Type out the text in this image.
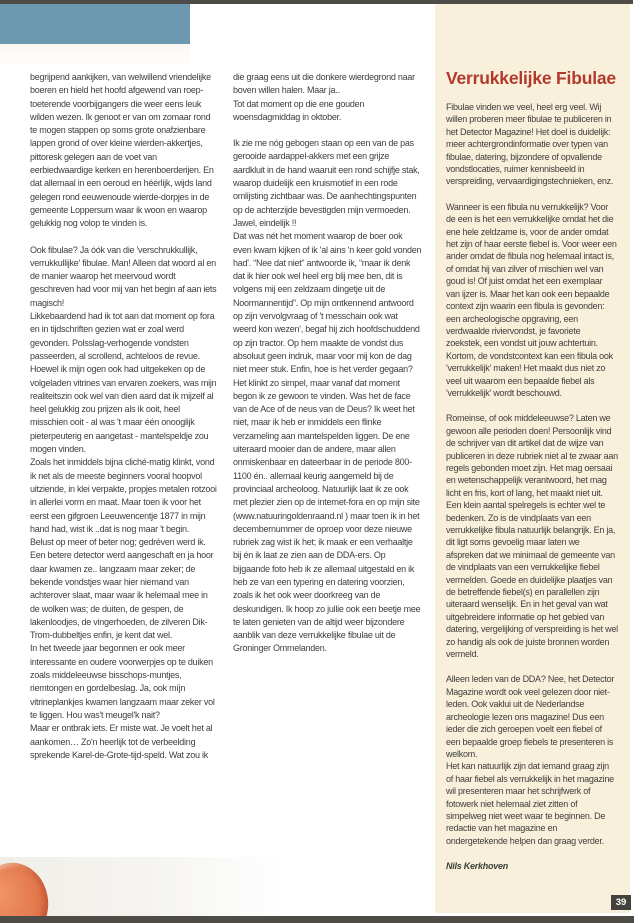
begrijpend aankijken, van welwillend vriendelijke boeren en hield het hoofd afgewend van roep-toeterende voorbijgangers die weer eens leuk wilden wezen. Ik genoot er van om zomaar rond te mogen stappen op soms grote onafzienbare lappen grond of over kleine wierden-akkertjes, pittoresk gelegen aan de voet van eerbiedwaardige kerken en herenboerderijen. En dat allemaal in een oeroud en héérlijk, wijds land gelegen rond eeuwenoude wierde-dorpjes in de gemeente Loppersum waar ik woon en waarop gelukkig nog volop te vinden is.

Ook fibulae? Ja óók van die 'verschrukkullijk, verrukkullijke' fibulae. Man! Alleen dat woord al en de manier waarop het meervoud wordt geschreven had voor mij van het begin af aan iets magisch!

Likkebaardend had ik tot aan dat moment op fora en in tijdschriften gezien wat er zoal werd gevonden. Polsslag-verhogende vondsten passeerden, al scrollend, achteloos de revue.

Hoewel ik mijn ogen ook had uitgekeken op de volgeladen vitrines van ervaren zoekers, was mijn realiteitszin ook wel van dien aard dat ik mijzelf al heel gelukkig zou prijzen als ik ooit, heel misschien ooit - al was 't maar één onooglijk pieterpeuterig en aangetast - mantelspeldje zou mogen vinden.

Zoals het inmiddels bijna cliché-matig klinkt, vond ik net als de meeste beginners vooral hoopvol uitziende, in klei verpakte, propjes metalen rotzooi in allerlei vorm en maat. Maar toen ik voor het eerst een gifgroen Leeuwencentje 1877 in mijn hand had, wist ik ..dat is nog maar 't begin.

Belust op meer of beter nog; gedréven werd ik. Een betere detector werd aangeschaft en ja hoor daar kwamen ze.. langzaam maar zeker; de bekende vondstjes waar hier niemand van achterover slaat, maar waar ik helemaal mee in de wolken was; de duiten, de gespen, de lakenloodjes, de vingerhoeden, de zilveren Dik-Trom-dubbeltjes enfin, je kent dat wel.

In het tweede jaar begonnen er ook meer interessante en oudere voorwerpjes op te duiken zoals middeleeuwse bisschops-muntjes, riemtongen en gordelbeslag. Ja, ook míjn vitrineplankjes kwamen langzaam maar zeker vol te liggen. Hou was't meugel'k nait?

Maar er ontbrak iets. Er miste wat. Je voelt het al aankomen… Zo'n heerlijk tot de verbeelding sprekende Karel-de-Grote-tijd-speld. Wat zou ik

die graag eens uit die donkere wierdegrond naar boven willen halen. Maar ja..

Tot dat moment op die ene gouden woensdagmiddag in oktober.

Ik zie me nóg gebogen staan op een van de pas gerooide aardappel-akkers met een grijze aardkluit in de hand waaruit een rond schijfje stak, waarop duidelijk een kruismotief in een rode omlijsting zichtbaar was. De aanhechtingspunten op de achterzijde bevestigden mijn vermoeden.

Jawel, eindelijk !!

Dat was nét het moment waarop de boer ook even kwam kijken of ik 'al ains 'n keer gold vonden had'. “Nee dat niet” antwoorde ik, “maar ik denk dat ik hier ook wel heel erg blij mee ben, dit is volgens mij een zeldzaam dingetje uit de Noormannentijd”. Op mijn ontkennend antwoord op zijn vervolgvraag of 't messchain ook wat weerd kon wezen', begaf hij zich hoofdschuddend op zijn tractor. Op hem maakte de vondst dus absoluut geen indruk, maar voor mij kon de dag niet meer stuk. Enfin, hoe is het verder gegaan? Het klinkt zo simpel, maar vanaf dat moment begon ik ze gewoon te vinden. Was het de face van de Ace of de neus van de Deus? Ik weet het niet, maar ik heb er inmiddels een flinke verzameling aan mantelspelden liggen. De ene uiteraard mooier dan de andere, maar allen onmiskenbaar en dateerbaar in de periode 800-1100 én.. allemaal keurig aangemeld bij de provinciaal archeoloog. Natuurlijk laat ik ze ook met plezier zien op de internet-fora en op mijn site (www.natuuringoldenraand.nl ) maar toen ik in het decembernummer de oproep voor deze nieuwe rubriek zag wist ik het; ik maak er een verhaaltje bij én ik laat ze zien aan de DDA-ers. Op bijgaande foto heb ik ze allemaal uitgestald en ik heb ze van een typering en datering voorzien, zoals ik het ook weer doorkreeg van de deskundigen. Ik hoop zo jullie ook een beetje mee te laten genieten van de altijd weer bijzondere aanblik van deze verrukkelijke fibulae uit de Groninger Ommelanden.

Verrukkelijke Fibulae

Fibulae vinden we veel, heel erg veel. Wij willen proberen meer fibulae te publiceren in het Detector Magazine! Het doel is duidelijk: meer achtergrondinformatie over typen van fibulae, datering, bijzondere of opvallende vondstlocaties, ruimer kennisbeeld in verspreiding, vervaardigingstechnieken, enz.

Wanneer is een fibula nu verrukkelijk? Voor de een is het een verrukkelijke omdat het die ene hele zeldzame is, voor de ander omdat het zijn of haar eerste fiebel is. Voor weer een ander omdat de fibula nog helemaal intact is, of omdat hij van zilver of mischien wel van goud is! Of juist omdat het een exemplaar van ijzer is. Maar het kan ook een bepaalde context zijn waarin een fibula is gevonden: een archeologische opgraving, een verdwaalde riviervondst, je favoriete zoekstek, een vondst uit jouw achtertuin. Kortom, de vondstcontext kan een fibula ook 'verrukkelijk' maken! Het maakt dus niet zo veel uit waarom een bepaalde fiebel als 'verrukkelijk' wordt beschouwd.

Romeinse, of ook middeleeuwse? Laten we gewoon alle perioden doen! Persoonlijk vind de schrijver van dit artikel dat de wijze van publiceren in deze rubriek niet al te zwaar aan regels gebonden moet zijn. Het mag oersaai en wetenschappelijk verantwoord, het mag licht en fris, kort of lang, het maakt niet uit. Een klein aantal spelregels is echter wel te bedenken. Zo is de vindplaats van een verrukkelijke fibula natuurlijk belangrijk. En ja, dit ligt soms gevoelig maar laten we afspreken dat we minimaal de gemeente van de vindplaats van een verrukkelijke fiebel vermelden. Goede en duidelijke plaatjes van de betreffende fiebel(s) en parallellen zijn uiteraard wenselijk. En in het geval van wat uitgebreidere informatie op het gebied van datering, vergelijking of verspreiding is het wel zo handig als ook de juiste bronnen worden vermeld.

Alleen leden van de DDA? Nee, het Detector Magazine wordt ook veel gelezen door niet-leden. Ook vaklui uit de Nederlandse archeologie lezen ons magazine! Dus een ieder die zich geroepen voelt een fiebel of een bepaalde groep fiebels te presenteren is welkom.

Het kan natuurlijk zijn dat iemand graag zijn of haar fiebel als verrukkelijk in het magazine wil presenteren maar het schrijfwerk of fotowerk niet helemaal ziet zitten of simpelweg niet weet waar te beginnen. De redactie van het magazine en ondergetekende helpen dan graag verder.

Nils Kerkhoven

39
